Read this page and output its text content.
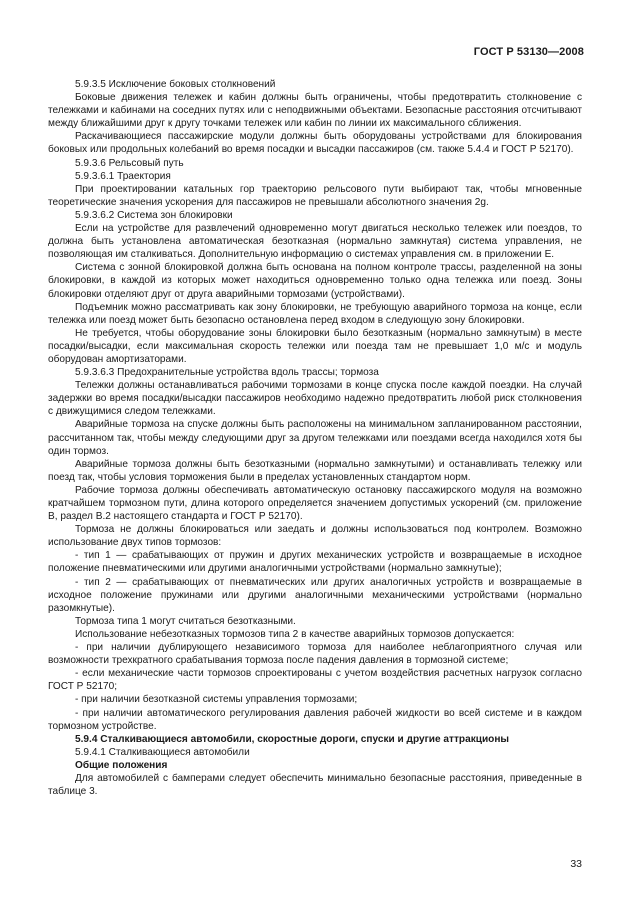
ГОСТ Р 53130—2008

5.9.3.5 Исключение боковых столкновений

Боковые движения тележек и кабин должны быть ограничены, чтобы предотвратить столкновение с тележками и кабинами на соседних путях или с неподвижными объектами. Безопасные расстояния отсчитывают между ближайшими друг к другу точками тележек или кабин по линии их максимального сближения.

Раскачивающиеся пассажирские модули должны быть оборудованы устройствами для блокирования боковых или продольных колебаний во время посадки и высадки пассажиров (см. также 5.4.4 и ГОСТ Р 52170).

5.9.3.6 Рельсовый путь

5.9.3.6.1 Траектория

При проектировании катальных гор траекторию рельсового пути выбирают так, чтобы мгновенные теоретические значения ускорения для пассажиров не превышали абсолютного значения 2g.

5.9.3.6.2 Система зон блокировки

Если на устройстве для развлечений одновременно могут двигаться несколько тележек или поездов, то должна быть установлена автоматическая безотказная (нормально замкнутая) система управления, не позволяющая им сталкиваться. Дополнительную информацию о системах управления см. в приложении Е.

Система с зонной блокировкой должна быть основана на полном контроле трассы, разделенной на зоны блокировки, в каждой из которых может находиться одновременно только одна тележка или поезд. Зоны блокировки отделяют друг от друга аварийными тормозами (устройствами).

Подъемник можно рассматривать как зону блокировки, не требующую аварийного тормоза на конце, если тележка или поезд может быть безопасно остановлена перед входом в следующую зону блокировки.

Не требуется, чтобы оборудование зоны блокировки было безотказным (нормально замкнутым) в месте посадки/высадки, если максимальная скорость тележки или поезда там не превышает 1,0 м/с и модуль оборудован амортизаторами.

5.9.3.6.3 Предохранительные устройства вдоль трассы; тормоза

Тележки должны останавливаться рабочими тормозами в конце спуска после каждой поездки. На случай задержки во время посадки/высадки пассажиров необходимо надежно предотвратить любой риск столкновения с движущимися следом тележками.

Аварийные тормоза на спуске должны быть расположены на минимальном запланированном расстоянии, рассчитанном так, чтобы между следующими друг за другом тележками или поездами всегда находился хотя бы один тормоз.

Аварийные тормоза должны быть безотказными (нормально замкнутыми) и останавливать тележку или поезд так, чтобы условия торможения были в пределах установленных стандартом норм.

Рабочие тормоза должны обеспечивать автоматическую остановку пассажирского модуля на возможно кратчайшем тормозном пути, длина которого определяется значением допустимых ускорений (см. приложение В, раздел В.2 настоящего стандарта и ГОСТ Р 52170).

Тормоза не должны блокироваться или заедать и должны использоваться под контролем. Возможно использование двух типов тормозов:

- тип 1 — срабатывающих от пружин и других механических устройств и возвращаемые в исходное положение пневматическими или другими аналогичными устройствами (нормально замкнутые);

- тип 2 — срабатывающих от пневматических или других аналогичных устройств и возвращаемые в исходное положение пружинами или другими аналогичными механическими устройствами (нормально разомкнутые).

Тормоза типа 1 могут считаться безотказными.

Использование небезотказных тормозов типа 2 в качестве аварийных тормозов допускается:

- при наличии дублирующего независимого тормоза для наиболее неблагоприятного случая или возможности трехкратного срабатывания тормоза после падения давления в тормозной системе;

- если механические части тормозов спроектированы с учетом воздействия расчетных нагрузок согласно ГОСТ Р 52170;

- при наличии безотказной системы управления тормозами;

- при наличии автоматического регулирования давления рабочей жидкости во всей системе и в каждом тормозном устройстве.

5.9.4 Сталкивающиеся автомобили, скоростные дороги, спуски и другие аттракционы

5.9.4.1 Сталкивающиеся автомобили

Общие положения

Для автомобилей с бамперами следует обеспечить минимально безопасные расстояния, приведенные в таблице 3.

33
